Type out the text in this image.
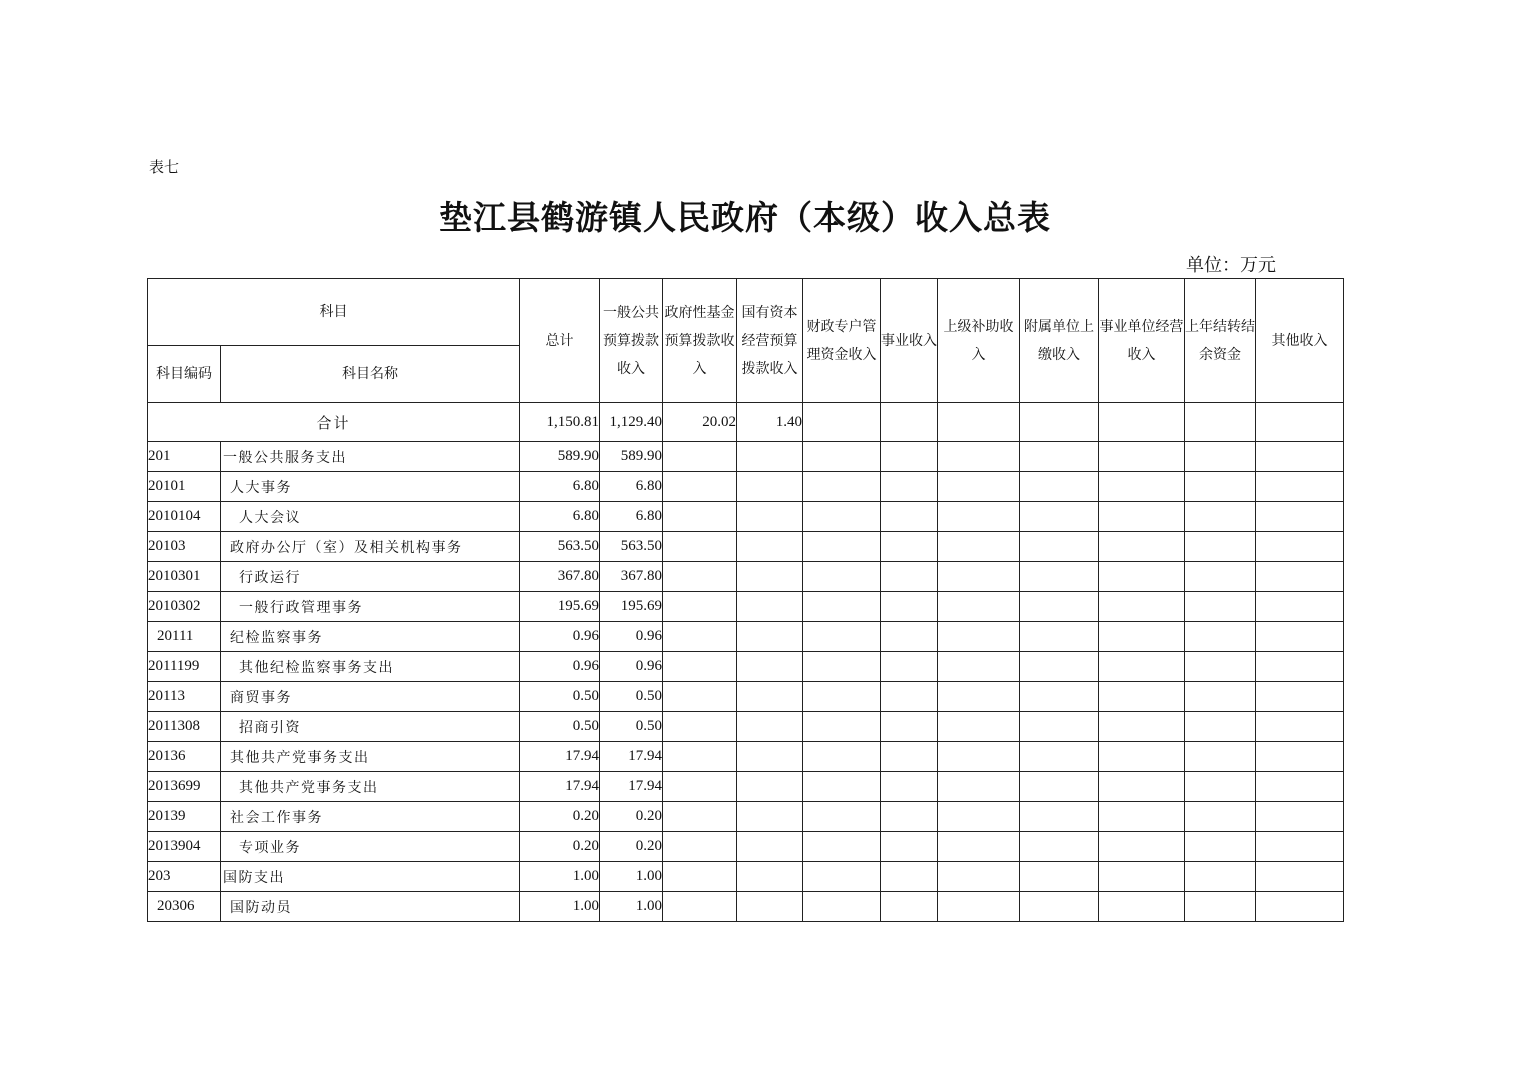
表七
垫江县鹤游镇人民政府（本级）收入总表
单位：万元
科目		总计	一般公共预算拨款收入	政府性基金预算拨款收入	国有资本经营预算拨款收入	财政专户管理资金收入	事业收入	上级补助收入	附属单位上缴收入	事业单位经营收入	上年结转结余资金	其他收入
科目编码	科目名称											
合计		1,150.81	1,129.40	20.02	1.40							
201	一般公共服务支出	589.90	589.90									
20101	人大事务	6.80	6.80									
2010104	人大会议	6.80	6.80									
20103	政府办公厅（室）及相关机构事务	563.50	563.50									
2010301	行政运行	367.80	367.80									
2010302	一般行政管理事务	195.69	195.69									
20111	纪检监察事务	0.96	0.96									
2011199	其他纪检监察事务支出	0.96	0.96									
20113	商贸事务	0.50	0.50									
2011308	招商引资	0.50	0.50									
20136	其他共产党事务支出	17.94	17.94									
2013699	其他共产党事务支出	17.94	17.94									
20139	社会工作事务	0.20	0.20									
2013904	专项业务	0.20	0.20									
203	国防支出	1.00	1.00									
20306	国防动员	1.00	1.00									
